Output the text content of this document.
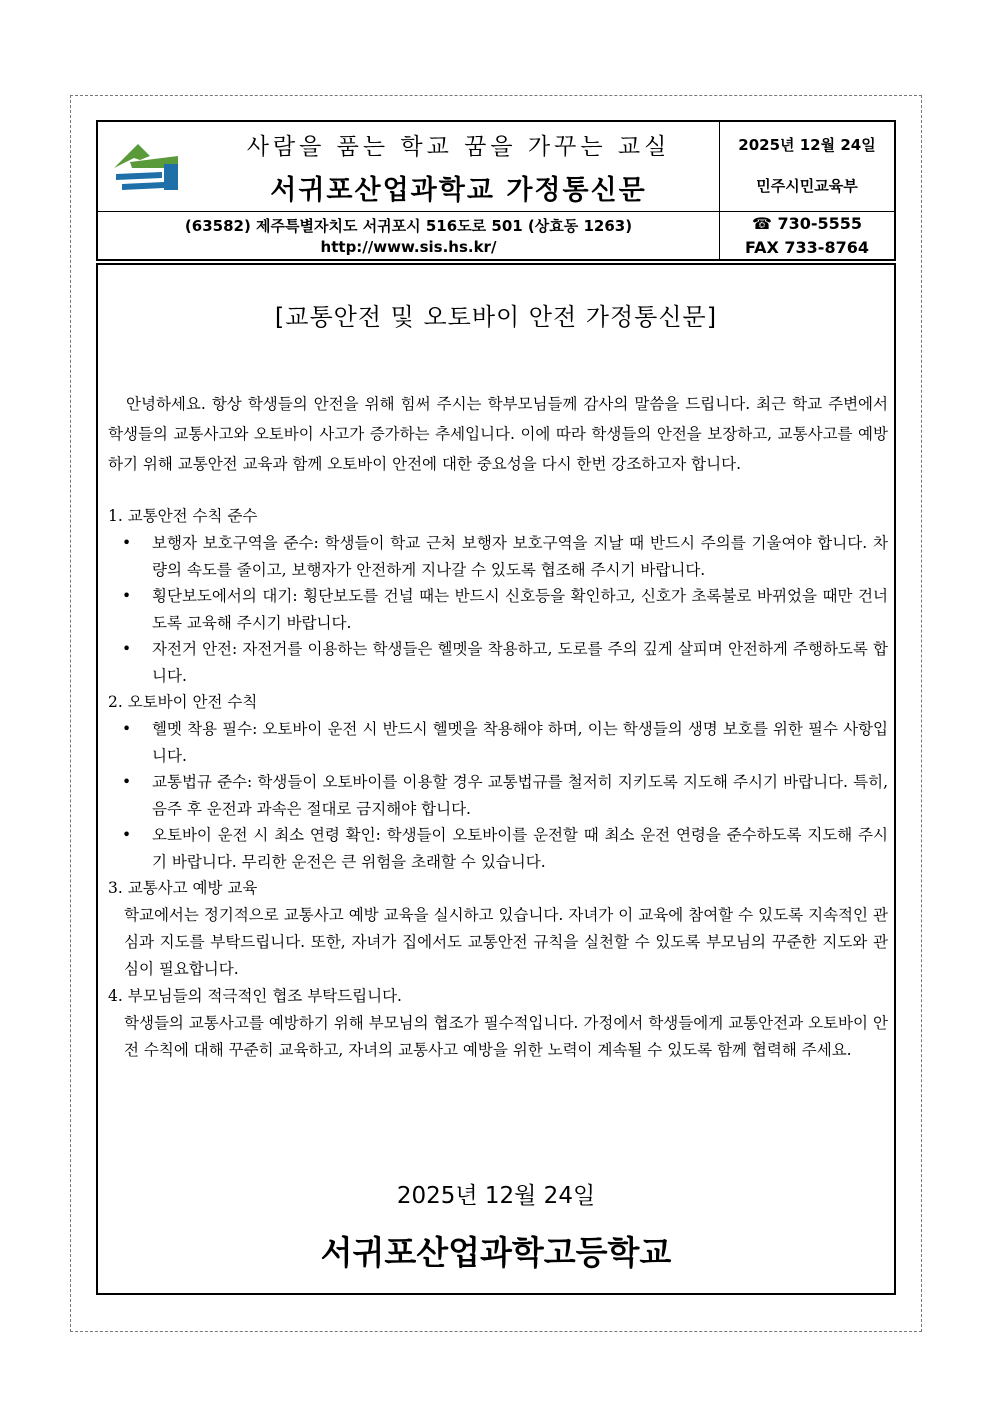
사람을 품는 학교 꿈을 가꾸는 교실
서귀포산업과학교 가정통신문
(63582) 제주특별자치도 서귀포시 516도로 501 (상효동 1263)
http://www.sis.hs.kr/
2025년 12월 24일
민주시민교육부
☎ 730-5555
FAX 733-8764
[교통안전 및 오토바이 안전 가정통신문]

안녕하세요. 항상 학생들의 안전을 위해 힘써 주시는 학부모님들께 감사의 말씀을 드립니다. 최근 학교 주변에서 학생들의 교통사고와 오토바이 사고가 증가하는 추세입니다. 이에 따라 학생들의 안전을 보장하고, 교통사고를 예방하기 위해 교통안전 교육과 함께 오토바이 안전에 대한 중요성을 다시 한번 강조하고자 합니다.

1. 교통안전 수칙 준수
• 보행자 보호구역을 준수: 학생들이 학교 근처 보행자 보호구역을 지날 때 반드시 주의를 기울여야 합니다. 차량의 속도를 줄이고, 보행자가 안전하게 지나갈 수 있도록 협조해 주시기 바랍니다.
• 횡단보도에서의 대기: 횡단보도를 건널 때는 반드시 신호등을 확인하고, 신호가 초록불로 바뀌었을 때만 건너도록 교육해 주시기 바랍니다.
• 자전거 안전: 자전거를 이용하는 학생들은 헬멧을 착용하고, 도로를 주의 깊게 살피며 안전하게 주행하도록 합니다.
2. 오토바이 안전 수칙
• 헬멧 착용 필수: 오토바이 운전 시 반드시 헬멧을 착용해야 하며, 이는 학생들의 생명 보호를 위한 필수 사항입니다.
• 교통법규 준수: 학생들이 오토바이를 이용할 경우 교통법규를 철저히 지키도록 지도해 주시기 바랍니다. 특히, 음주 후 운전과 과속은 절대로 금지해야 합니다.
• 오토바이 운전 시 최소 연령 확인: 학생들이 오토바이를 운전할 때 최소 운전 연령을 준수하도록 지도해 주시기 바랍니다. 무리한 운전은 큰 위험을 초래할 수 있습니다.
3. 교통사고 예방 교육

학교에서는 정기적으로 교통사고 예방 교육을 실시하고 있습니다. 자녀가 이 교육에 참여할 수 있도록 지속적인 관심과 지도를 부탁드립니다. 또한, 자녀가 집에서도 교통안전 규칙을 실천할 수 있도록 부모님의 꾸준한 지도와 관심이 필요합니다.

4. 부모님들의 적극적인 협조 부탁드립니다.

학생들의 교통사고를 예방하기 위해 부모님의 협조가 필수적입니다. 가정에서 학생들에게 교통안전과 오토바이 안전 수칙에 대해 꾸준히 교육하고, 자녀의 교통사고 예방을 위한 노력이 계속될 수 있도록 함께 협력해 주세요.

2025년 12월 24일
서귀포산업과학고등학교
